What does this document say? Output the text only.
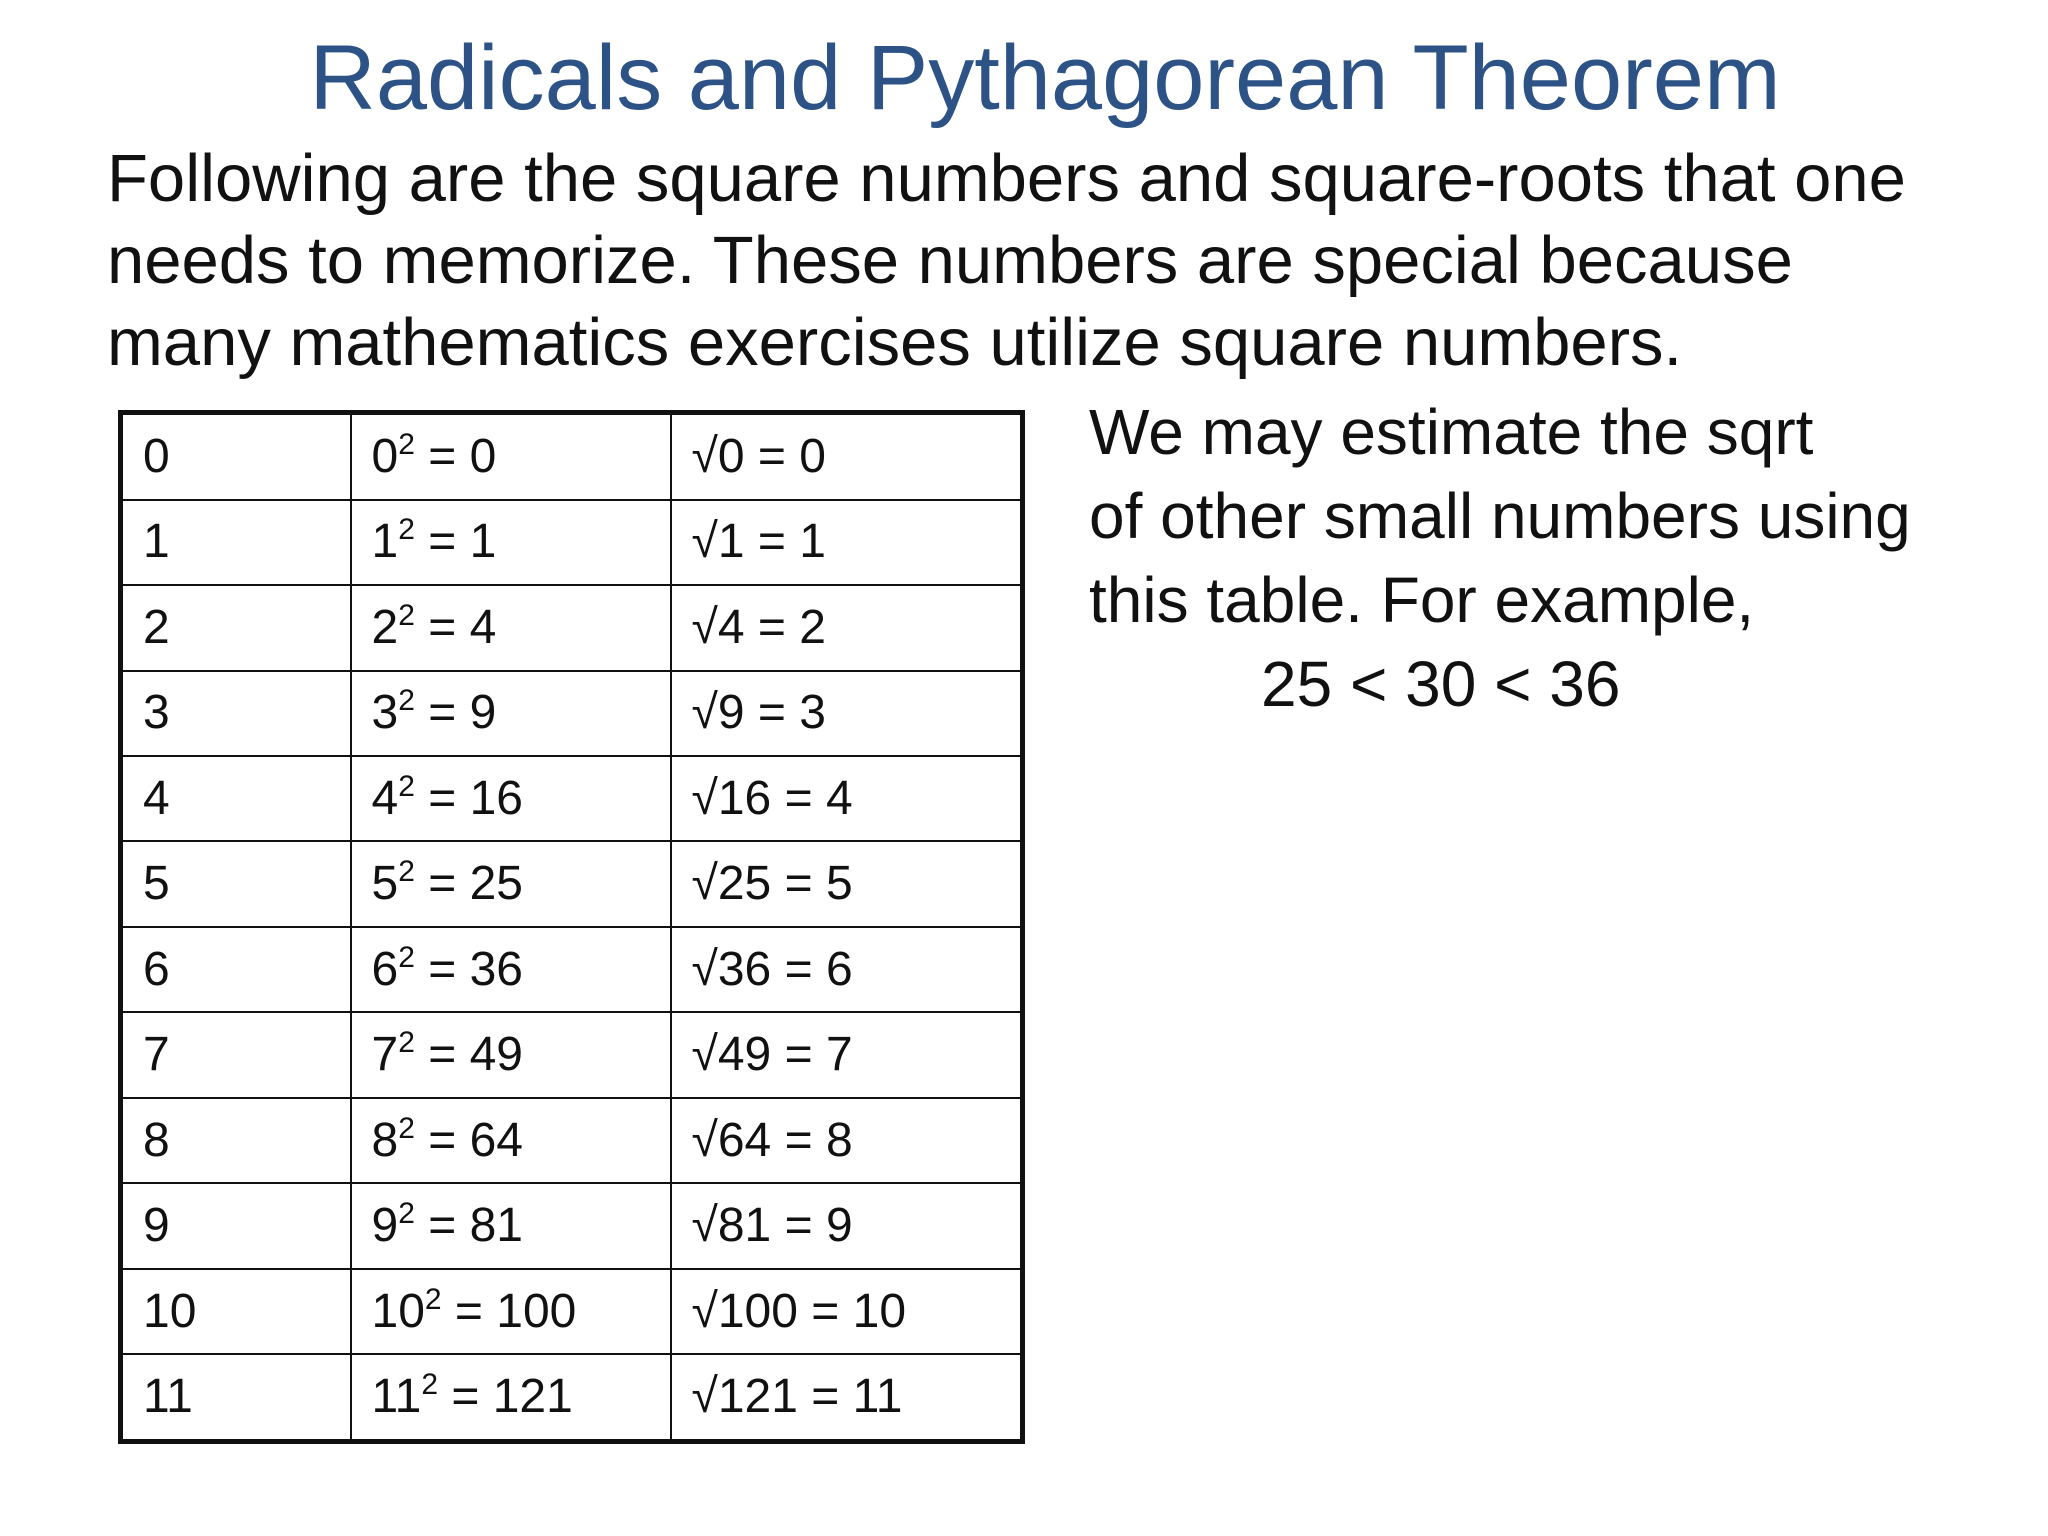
Radicals and Pythagorean Theorem
Following are the square numbers and square-roots that one
needs to memorize. These numbers are special because
many mathematics exercises utilize square numbers.
0	$0^2 = 0$	√0 = 0
1	$1^2 = 1$	√1 = 1
2	$2^2 = 4$	√4 = 2
3	$3^2 = 9$	√9 = 3
4	$4^2 = 16$	√16 = 4
5	$5^2 = 25$	√25 = 5
6	$6^2 = 36$	√36 = 6
7	$7^2 = 49$	√49 = 7
8	$8^2 = 64$	√64 = 8
9	$9^2 = 81$	√81 = 9
10	$10^2 = 100$	√100 = 10
11	$11^2 = 121$	√121 = 11
We may estimate the sqrt
of other small numbers using
this table. For example,
25 < 30 < 36
